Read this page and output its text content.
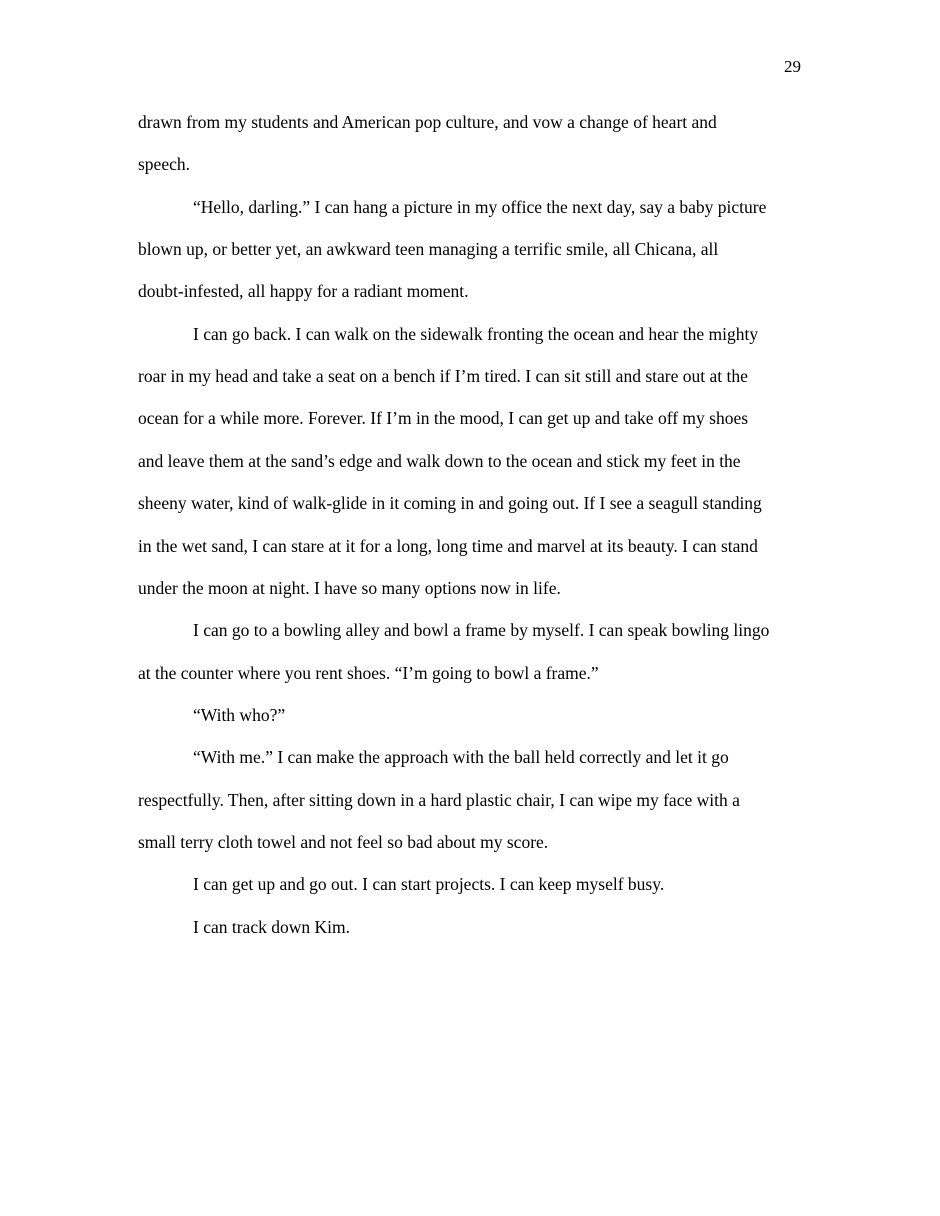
29
drawn from my students and American pop culture, and vow a change of heart and
speech.
“Hello, darling.” I can hang a picture in my office the next day, say a baby picture
blown up, or better yet, an awkward teen managing a terrific smile, all Chicana, all
doubt-infested, all happy for a radiant moment.
I can go back. I can walk on the sidewalk fronting the ocean and hear the mighty
roar in my head and take a seat on a bench if I’m tired. I can sit still and stare out at the
ocean for a while more. Forever. If I’m in the mood, I can get up and take off my shoes
and leave them at the sand’s edge and walk down to the ocean and stick my feet in the
sheeny water, kind of walk-glide in it coming in and going out. If I see a seagull standing
in the wet sand, I can stare at it for a long, long time and marvel at its beauty. I can stand
under the moon at night. I have so many options now in life.
I can go to a bowling alley and bowl a frame by myself. I can speak bowling lingo
at the counter where you rent shoes. “I’m going to bowl a frame.”
“With who?”
“With me.” I can make the approach with the ball held correctly and let it go
respectfully. Then, after sitting down in a hard plastic chair, I can wipe my face with a
small terry cloth towel and not feel so bad about my score.
I can get up and go out. I can start projects. I can keep myself busy.
I can track down Kim.
